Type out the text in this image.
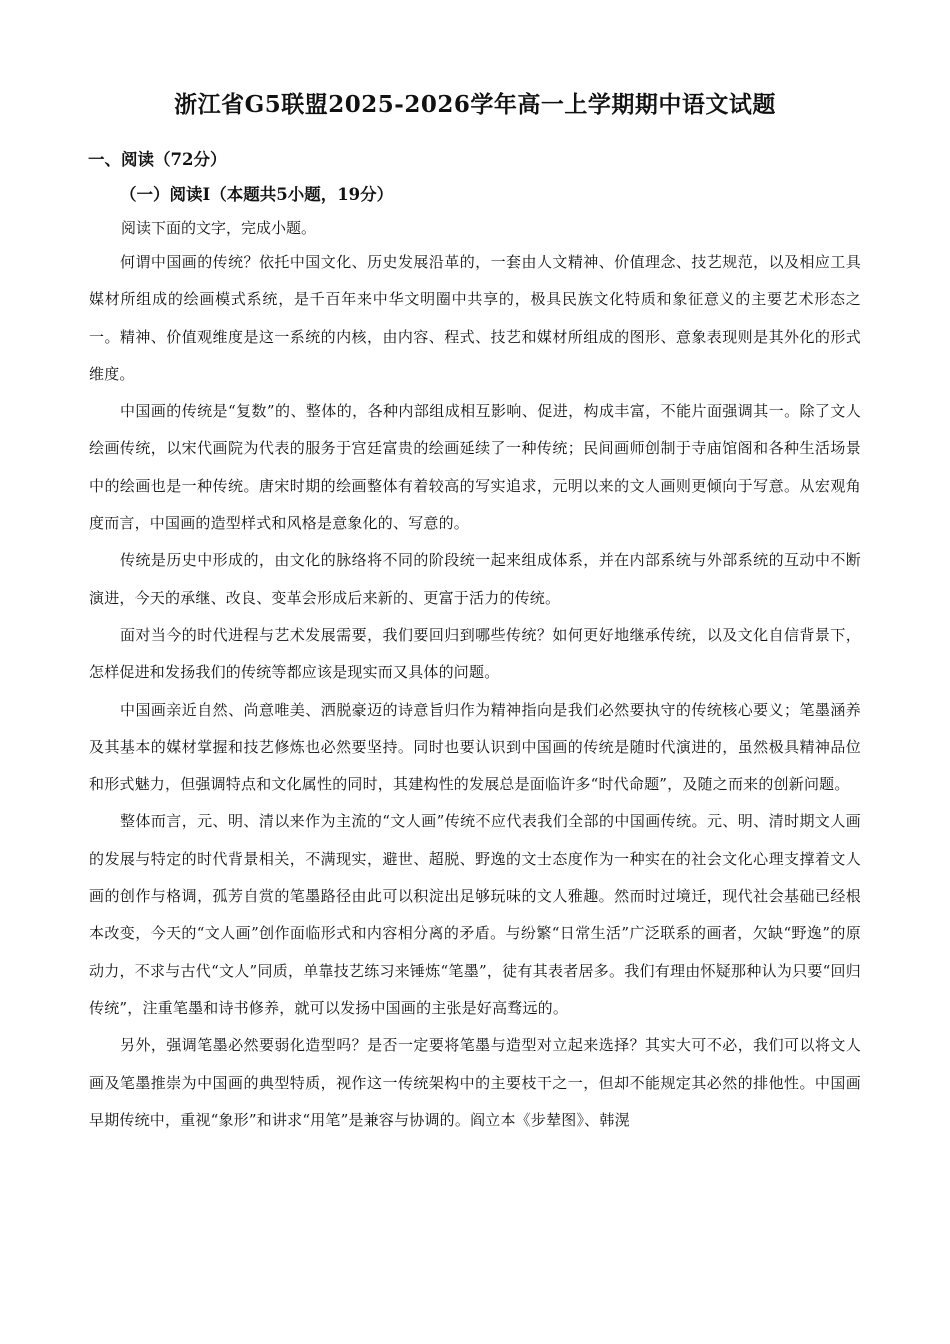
浙江省G5联盟2025-2026学年高一上学期期中语文试题
一、阅读（72分）
（一）阅读Ⅰ（本题共5小题，19分）

阅读下面的文字，完成小题。

何谓中国画的传统？依托中国文化、历史发展沿革的，一套由人文精神、价值理念、技艺规范，以及相应工具媒材所组成的绘画模式系统，是千百年来中华文明圈中共享的，极具民族文化特质和象征意义的主要艺术形态之一。精神、价值观维度是这一系统的内核，由内容、程式、技艺和媒材所组成的图形、意象表现则是其外化的形式维度。

中国画的传统是“复数”的、整体的，各种内部组成相互影响、促进，构成丰富，不能片面强调其一。除了文人绘画传统，以宋代画院为代表的服务于宫廷富贵的绘画延续了一种传统；民间画师创制于寺庙馆阁和各种生活场景中的绘画也是一种传统。唐宋时期的绘画整体有着较高的写实追求，元明以来的文人画则更倾向于写意。从宏观角度而言，中国画的造型样式和风格是意象化的、写意的。

传统是历史中形成的，由文化的脉络将不同的阶段统一起来组成体系，并在内部系统与外部系统的互动中不断演进，今天的承继、改良、变革会形成后来新的、更富于活力的传统。

面对当今的时代进程与艺术发展需要，我们要回归到哪些传统？如何更好地继承传统，以及文化自信背景下，怎样促进和发扬我们的传统等都应该是现实而又具体的问题。

中国画亲近自然、尚意唯美、洒脱豪迈的诗意旨归作为精神指向是我们必然要执守的传统核心要义；笔墨涵养及其基本的媒材掌握和技艺修炼也必然要坚持。同时也要认识到中国画的传统是随时代演进的，虽然极具精神品位和形式魅力，但强调特点和文化属性的同时，其建构性的发展总是面临许多“时代命题”，及随之而来的创新问题。

整体而言，元、明、清以来作为主流的“文人画”传统不应代表我们全部的中国画传统。元、明、清时期文人画的发展与特定的时代背景相关，不满现实，避世、超脱、野逸的文士态度作为一种实在的社会文化心理支撑着文人画的创作与格调，孤芳自赏的笔墨路径由此可以积淀出足够玩味的文人雅趣。然而时过境迁，现代社会基础已经根本改变，今天的“文人画”创作面临形式和内容相分离的矛盾。与纷繁“日常生活”广泛联系的画者，欠缺“野逸”的原动力，不求与古代“文人”同质，单靠技艺练习来锤炼“笔墨”，徒有其表者居多。我们有理由怀疑那种认为只要“回归传统”，注重笔墨和诗书修养，就可以发扬中国画的主张是好高骛远的。

另外，强调笔墨必然要弱化造型吗？是否一定要将笔墨与造型对立起来选择？其实大可不必，我们可以将文人画及笔墨推崇为中国画的典型特质，视作这一传统架构中的主要枝干之一，但却不能规定其必然的排他性。中国画早期传统中，重视“象形”和讲求“用笔”是兼容与协调的。阎立本《步辇图》、韩滉
